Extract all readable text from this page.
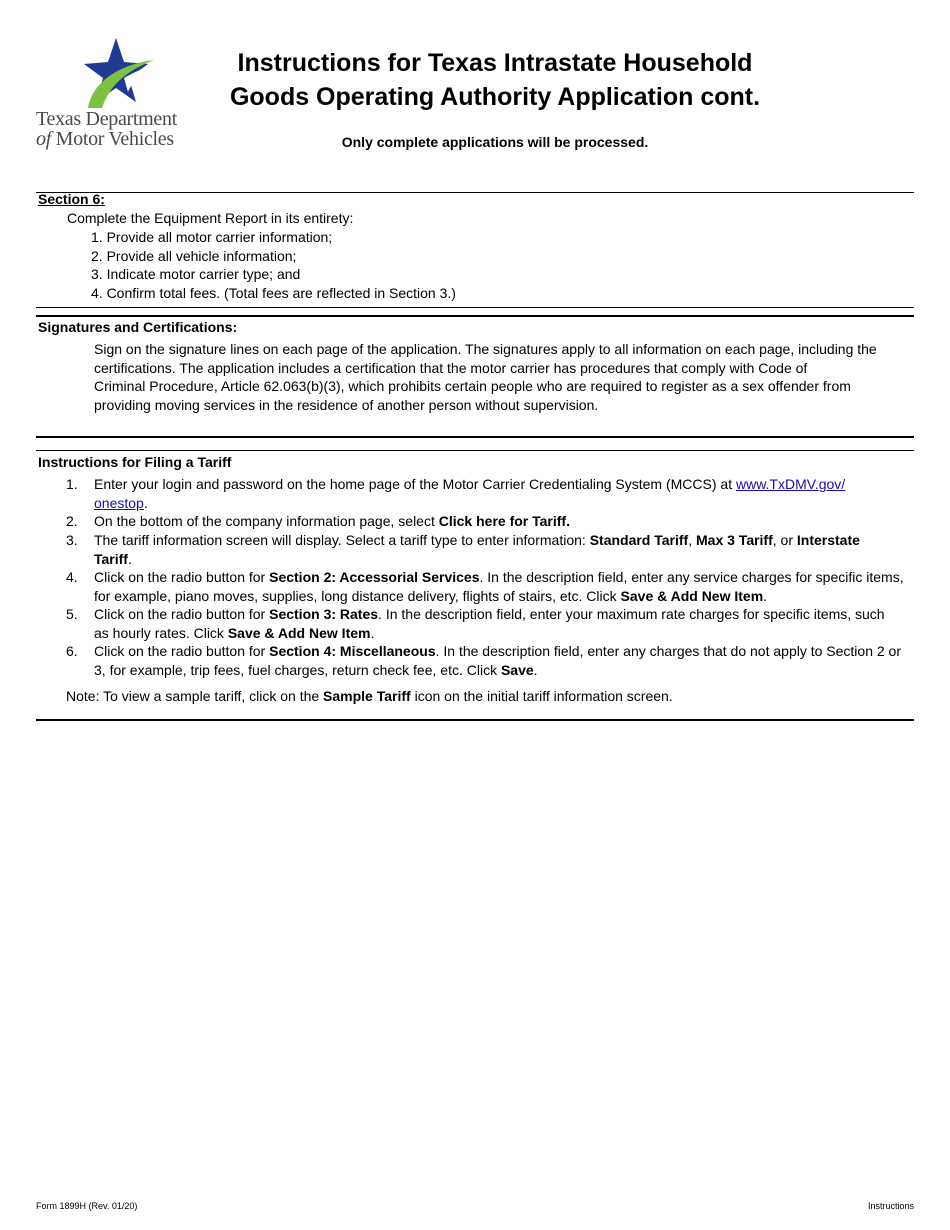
Texas Department
of Motor Vehicles
Instructions for Texas Intrastate Household
Goods Operating Authority Application cont.
Only complete applications will be processed.
Section 6:
Complete the Equipment Report in its entirety:
1. Provide all motor carrier information;
2. Provide all vehicle information;
3. Indicate motor carrier type; and
4. Confirm total fees. (Total fees are reflected in Section 3.)
Signatures and Certifications:
Sign on the signature lines on each page of the application. The signatures apply to all information on each page, including the
certifications. The application includes a certification that the motor carrier has procedures that comply with Code of
Criminal Procedure, Article 62.063(b)(3), which prohibits certain people who are required to register as a sex offender from
providing moving services in the residence of another person without supervision.
Instructions for Filing a Tariff
1. Enter your login and password on the home page of the Motor Carrier Credentialing System (MCCS) at www.TxDMV.gov/
onestop.
2. On the bottom of the company information page, select Click here for Tariff.
3. The tariff information screen will display. Select a tariff type to enter information: Standard Tariff, Max 3 Tariff, or Interstate
Tariff.
4. Click on the radio button for Section 2: Accessorial Services. In the description field, enter any service charges for specific items,
for example, piano moves, supplies, long distance delivery, flights of stairs, etc. Click Save & Add New Item.
5. Click on the radio button for Section 3: Rates. In the description field, enter your maximum rate charges for specific items, such
as hourly rates. Click Save & Add New Item.
6. Click on the radio button for Section 4: Miscellaneous. In the description field, enter any charges that do not apply to Section 2 or
3, for example, trip fees, fuel charges, return check fee, etc. Click Save.
Note: To view a sample tariff, click on the Sample Tariff icon on the initial tariff information screen.
Form 1899H (Rev. 01/20)	Instructions
